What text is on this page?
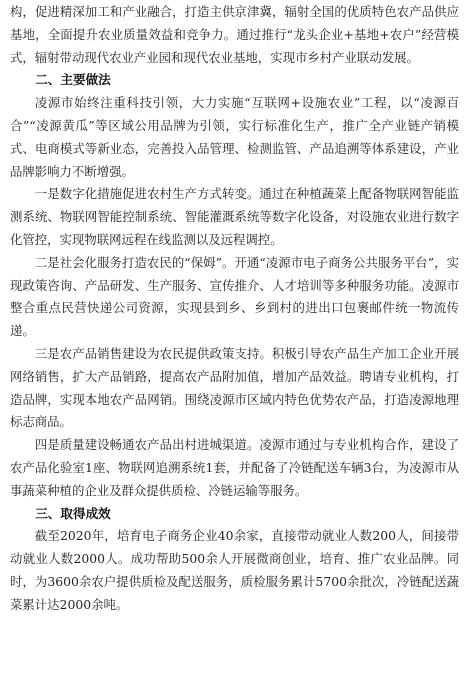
构，促进精深加工和产业融合，打造主供京津冀，辐射全国的优质特色农产品供应基地，全面提升农业质量效益和竞争力。通过推行“龙头企业+基地+农户”经营模式，辐射带动现代农业产业园和现代农业基地，实现市乡村产业联动发展。

二、主要做法

凌源市始终注重科技引领，大力实施“互联网+设施农业”工程，以“凌源百合”“凌源黄瓜”等区域公用品牌为引领，实行标准化生产，推广全产业链产销模式、电商模式等新业态，完善投入品管理、检测监管、产品追溯等体系建设，产业品牌影响力不断增强。

一是数字化措施促进农村生产方式转变。通过在种植蔬菜上配备物联网智能监测系统、物联网智能控制系统、智能灌溉系统等数字化设备，对设施农业进行数字化管控，实现物联网远程在线监测以及远程调控。

二是社会化服务打造农民的“保姆”。开通“凌源市电子商务公共服务平台”，实现政策咨询、产品研发、生产服务、宣传推介、人才培训等多种服务功能。凌源市整合重点民营快递公司资源，实现县到乡、乡到村的进出口包裹邮件统一物流传递。

三是农产品销售建设为农民提供政策支持。积极引导农产品生产加工企业开展网络销售，扩大产品销路，提高农产品附加值，增加产品效益。聘请专业机构，打造品牌，实现本地农产品网销。围绕凌源市区域内特色优势农产品，打造凌源地理标志商品。

四是质量建设畅通农产品出村进城渠道。凌源市通过与专业机构合作，建设了农产品化验室1座、物联网追溯系统1套，并配备了冷链配送车辆3台，为凌源市从事蔬菜种植的企业及群众提供质检、冷链运输等服务。

三、取得成效

截至2020年，培育电子商务企业40余家，直接带动就业人数200人，间接带动就业人数2000人。成功帮助500余人开展微商创业，培育、推广农业品牌。同时，为3600余农户提供质检及配送服务，质检服务累计5700余批次，冷链配送蔬菜累计达2000余吨。
